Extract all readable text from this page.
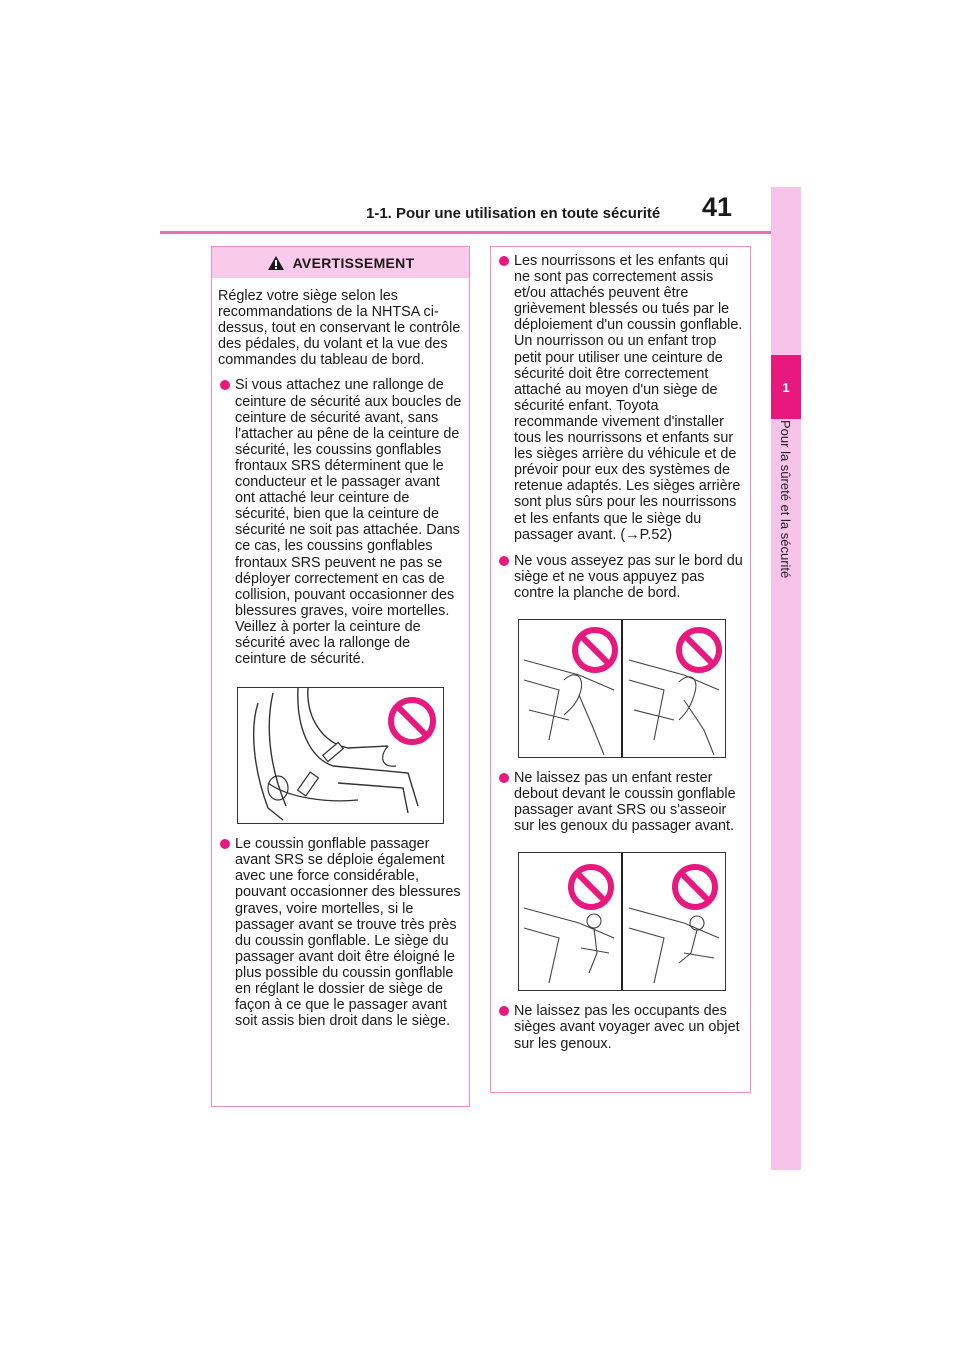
1-1. Pour une utilisation en toute sécurité 41
1
Pour la sûreté et la sécurité
AVERTISSEMENT
Réglez votre siège selon les recommandations de la NHTSA ci-dessus, tout en conservant le contrôle des pédales, du volant et la vue des commandes du tableau de bord.
Si vous attachez une rallonge de ceinture de sécurité aux boucles de ceinture de sécurité avant, sans l'attacher au pêne de la ceinture de sécurité, les coussins gonflables frontaux SRS déterminent que le conducteur et le passager avant ont attaché leur ceinture de sécurité, bien que la ceinture de sécurité ne soit pas attachée. Dans ce cas, les coussins gonflables frontaux SRS peuvent ne pas se déployer correctement en cas de collision, pouvant occasionner des blessures graves, voire mortelles. Veillez à porter la ceinture de sécurité avec la rallonge de ceinture de sécurité.
Le coussin gonflable passager avant SRS se déploie également avec une force considérable, pouvant occasionner des blessures graves, voire mortelles, si le passager avant se trouve très près du coussin gonflable. Le siège du passager avant doit être éloigné le plus possible du coussin gonflable en réglant le dossier de siège de façon à ce que le passager avant soit assis bien droit dans le siège.
Les nourrissons et les enfants qui ne sont pas correctement assis et/ou attachés peuvent être grièvement blessés ou tués par le déploiement d'un coussin gonflable. Un nourrisson ou un enfant trop petit pour utiliser une ceinture de sécurité doit être correctement attaché au moyen d'un siège de sécurité enfant. Toyota recommande vivement d'installer tous les nourrissons et enfants sur les sièges arrière du véhicule et de prévoir pour eux des systèmes de retenue adaptés. Les sièges arrière sont plus sûrs pour les nourrissons et les enfants que le siège du passager avant. (→P.52)
Ne vous asseyez pas sur le bord du siège et ne vous appuyez pas contre la planche de bord.
Ne laissez pas un enfant rester debout devant le coussin gonflable passager avant SRS ou s'asseoir sur les genoux du passager avant.
Ne laissez pas les occupants des sièges avant voyager avec un objet sur les genoux.
